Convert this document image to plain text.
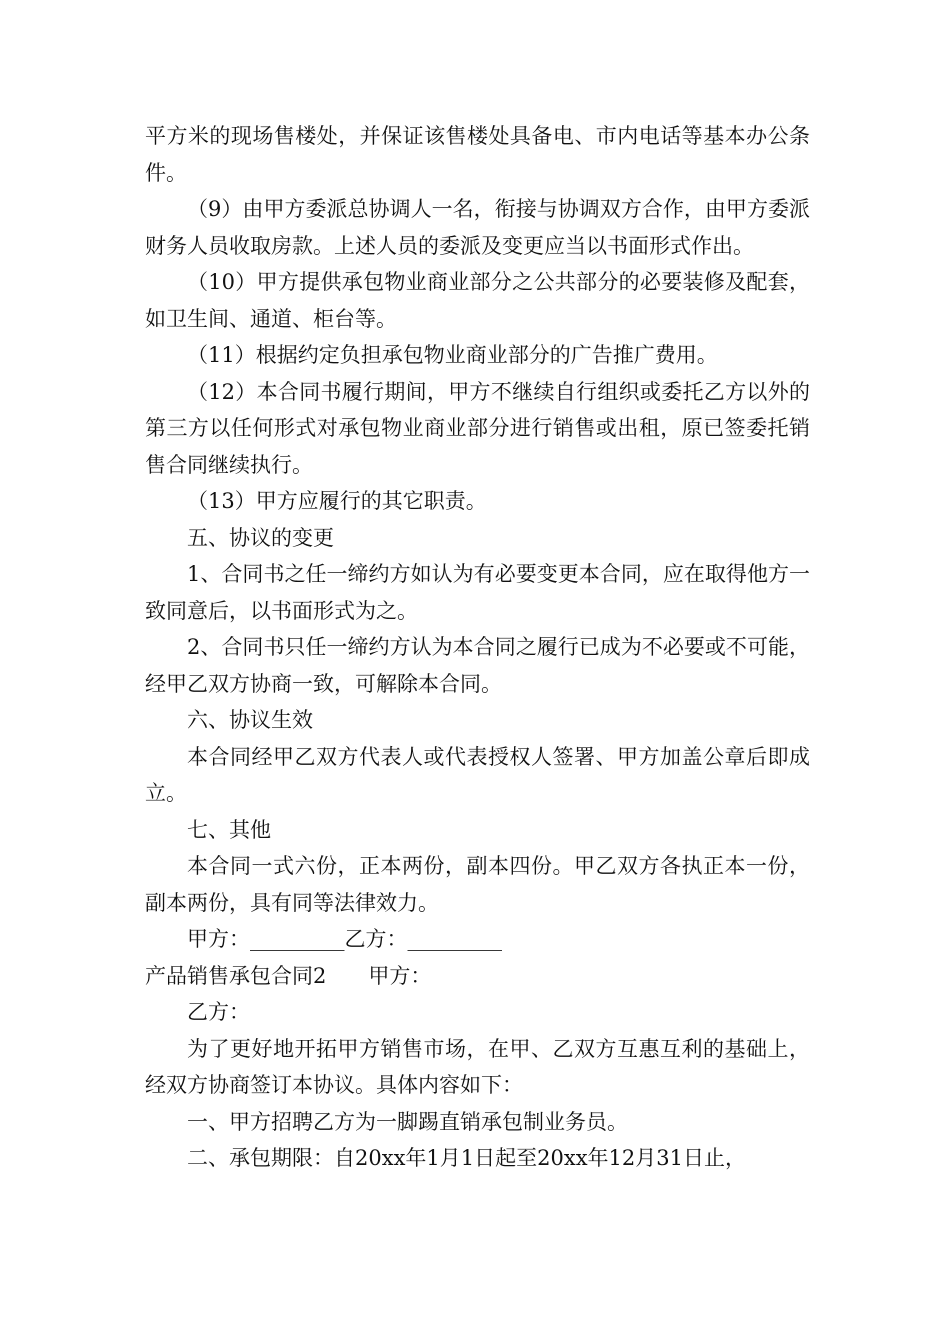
平方米的现场售楼处，并保证该售楼处具备电、市内电话等基本办公条件。

（9）由甲方委派总协调人一名，衔接与协调双方合作，由甲方委派财务人员收取房款。上述人员的委派及变更应当以书面形式作出。

（10）甲方提供承包物业商业部分之公共部分的必要装修及配套，如卫生间、通道、柜台等。

（11）根据约定负担承包物业商业部分的广告推广费用。

（12）本合同书履行期间，甲方不继续自行组织或委托乙方以外的第三方以任何形式对承包物业商业部分进行销售或出租，原已签委托销售合同继续执行。

（13）甲方应履行的其它职责。

五、协议的变更

1、合同书之任一缔约方如认为有必要变更本合同，应在取得他方一致同意后，以书面形式为之。

2、合同书只任一缔约方认为本合同之履行已成为不必要或不可能，经甲乙双方协商一致，可解除本合同。

六、协议生效

本合同经甲乙双方代表人或代表授权人签署、甲方加盖公章后即成立。

七、其他

本合同一式六份，正本两份，副本四份。甲乙双方各执正本一份，副本两份，具有同等法律效力。

甲方：_________乙方：_________

产品销售承包合同2　　甲方：

乙方：

为了更好地开拓甲方销售市场，在甲、乙双方互惠互利的基础上，经双方协商签订本协议。具体内容如下：

一、甲方招聘乙方为一脚踢直销承包制业务员。

二、承包期限：自20xx年1月1日起至20xx年12月31日止，
